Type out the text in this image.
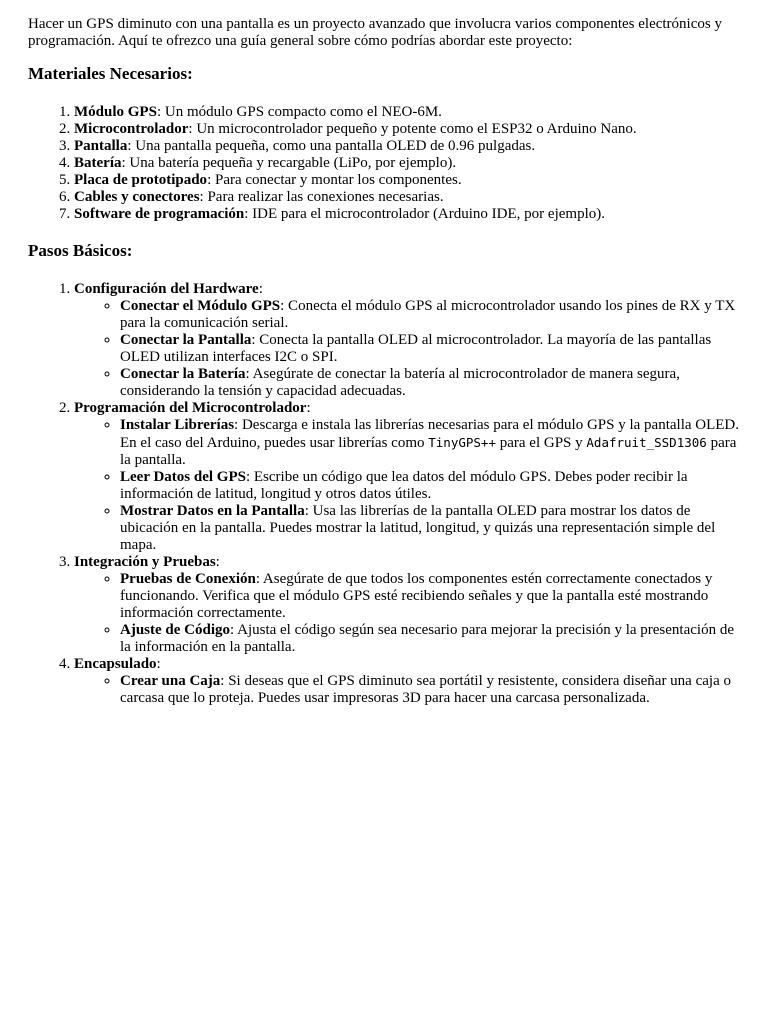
Hacer un GPS diminuto con una pantalla es un proyecto avanzado que involucra varios componentes electrónicos y programación. Aquí te ofrezco una guía general sobre cómo podrías abordar este proyecto:

Materiales Necesarios:
1. Módulo GPS: Un módulo GPS compacto como el NEO-6M.
2. Microcontrolador: Un microcontrolador pequeño y potente como el ESP32 o Arduino Nano.
3. Pantalla: Una pantalla pequeña, como una pantalla OLED de 0.96 pulgadas.
4. Batería: Una batería pequeña y recargable (LiPo, por ejemplo).
5. Placa de prototipado: Para conectar y montar los componentes.
6. Cables y conectores: Para realizar las conexiones necesarias.
7. Software de programación: IDE para el microcontrolador (Arduino IDE, por ejemplo).
Pasos Básicos:
1. Configuración del Hardware:
◦ Conectar el Módulo GPS: Conecta el módulo GPS al microcontrolador usando los pines de RX y TX para la comunicación serial.
◦ Conectar la Pantalla: Conecta la pantalla OLED al microcontrolador. La mayoría de las pantallas OLED utilizan interfaces I2C o SPI.
◦ Conectar la Batería: Asegúrate de conectar la batería al microcontrolador de manera segura, considerando la tensión y capacidad adecuadas.
2. Programación del Microcontrolador:
◦ Instalar Librerías: Descarga e instala las librerías necesarias para el módulo GPS y la pantalla OLED. En el caso del Arduino, puedes usar librerías como TinyGPS++ para el GPS y Adafruit_SSD1306 para la pantalla.
◦ Leer Datos del GPS: Escribe un código que lea datos del módulo GPS. Debes poder recibir la información de latitud, longitud y otros datos útiles.
◦ Mostrar Datos en la Pantalla: Usa las librerías de la pantalla OLED para mostrar los datos de ubicación en la pantalla. Puedes mostrar la latitud, longitud, y quizás una representación simple del mapa.
3. Integración y Pruebas:
◦ Pruebas de Conexión: Asegúrate de que todos los componentes estén correctamente conectados y funcionando. Verifica que el módulo GPS esté recibiendo señales y que la pantalla esté mostrando información correctamente.
◦ Ajuste de Código: Ajusta el código según sea necesario para mejorar la precisión y la presentación de la información en la pantalla.
4. Encapsulado:
◦ Crear una Caja: Si deseas que el GPS diminuto sea portátil y resistente, considera diseñar una caja o carcasa que lo proteja. Puedes usar impresoras 3D para hacer una carcasa personalizada.
